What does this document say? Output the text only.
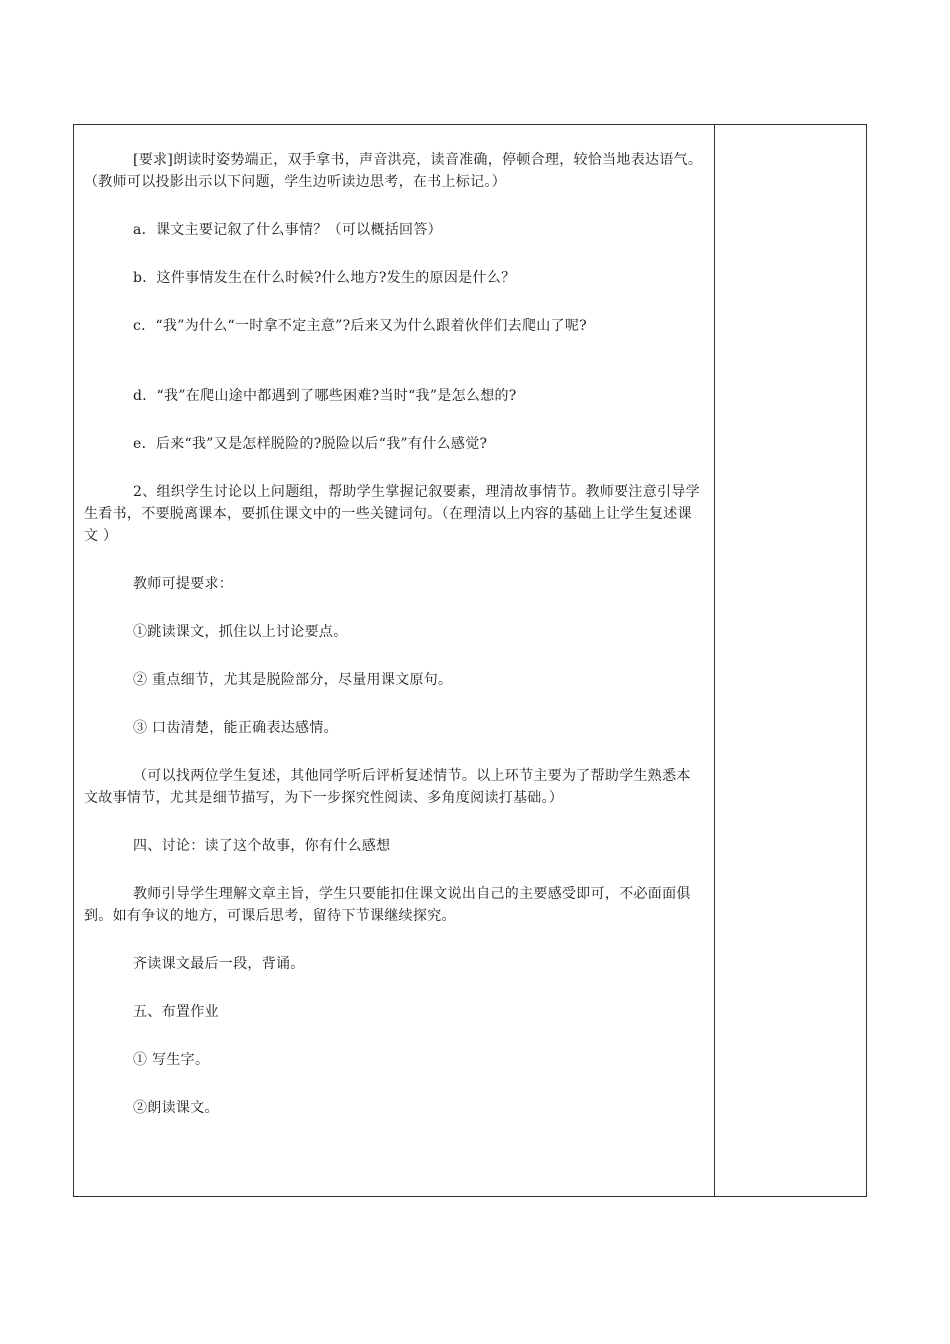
[要求]朗读时姿势端正，双手拿书，声音洪亮，读音准确，停顿合理，较恰当地表达语气。 （教师可以投影出示以下问题，学生边听读边思考，在书上标记。）

a．课文主要记叙了什么事情？（可以概括回答）

b．这件事情发生在什么时候?什么地方?发生的原因是什么？

c．“我”为什么“一时拿不定主意”?后来又为什么跟着伙伴们去爬山了呢?

d．“我”在爬山途中都遇到了哪些困难?当时“我”是怎么想的?

e．后来“我”又是怎样脱险的?脱险以后“我”有什么感觉?

2、组织学生讨论以上问题组，帮助学生掌握记叙要素，理清故事情节。教师要注意引导学生看书，不要脱离课本，要抓住课文中的一些关键词句。（在理清以上内容的基础上让学生复述课文 ）

教师可提要求：

①跳读课文，抓住以上讨论要点。

② 重点细节，尤其是脱险部分，尽量用课文原句。

③ 口齿清楚，能正确表达感情。

（可以找两位学生复述，其他同学听后评析复述情节。以上环节主要为了帮助学生熟悉本文故事情节，尤其是细节描写，为下一步探究性阅读、多角度阅读打基础。）

四、讨论：读了这个故事，你有什么感想

教师引导学生理解文章主旨，学生只要能扣住课文说出自己的主要感受即可，不必面面俱到。如有争议的地方，可课后思考，留待下节课继续探究。

齐读课文最后一段，背诵。

五、布置作业

① 写生字。

②朗读课文。
